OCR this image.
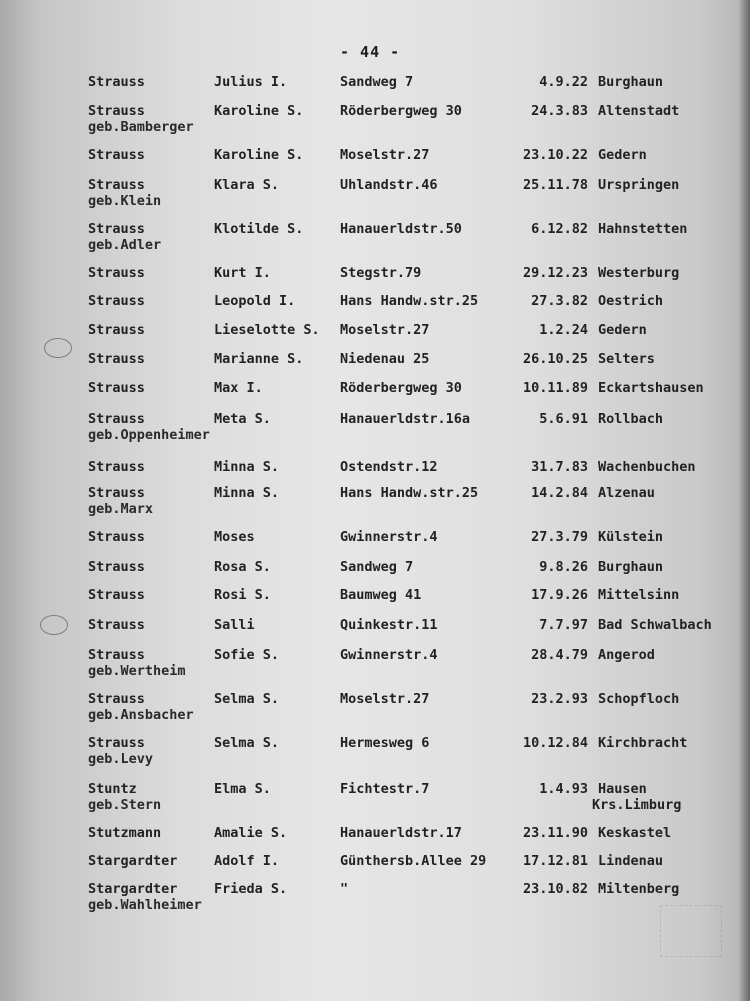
- 44 -
Strauss	Julius I.	Sandweg 7	4.9.22 Burghaun
Strauss	Karoline S.	Röderbergweg 30	24.3.83 Altenstadt
geb.Bamberger
Strauss	Karoline S.	Moselstr.27	23.10.22 Gedern
Strauss	Klara S.	Uhlandstr.46	25.11.78 Urspringen
geb.Klein
Strauss	Klotilde S.	Hanauerldstr.50	6.12.82 Hahnstetten
geb.Adler
Strauss	Kurt I.	Stegstr.79	29.12.23 Westerburg
Strauss	Leopold I.	Hans Handw.str.25	27.3.82 Oestrich
Strauss	Lieselotte S. Moselstr.27	1.2.24 Gedern
Strauss	Marianne S.	Niedenau 25	26.10.25 Selters
Strauss	Max I.	Röderbergweg 30	10.11.89 Eckartshausen
Strauss	Meta S.	Hanauerldstr.16a	5.6.91 Rollbach
geb.Oppenheimer
Strauss	Minna S.	Ostendstr.12	31.7.83 Wachenbuchen
Strauss	Minna S.	Hans Handw.str.25	14.2.84 Alzenau
geb.Marx
Strauss	Moses	Gwinnerstr.4	27.3.79 Külstein
Strauss	Rosa S.	Sandweg 7	9.8.26 Burghaun
Strauss	Rosi S.	Baumweg 41	17.9.26 Mittelsinn
Strauss	Salli	Quinkestr.11	7.7.97 Bad Schwalbach
Strauss	Sofie S.	Gwinnerstr.4	28.4.79 Angerod
geb.Wertheim
Strauss	Selma S.	Moselstr.27	23.2.93 Schopfloch
geb.Ansbacher
Strauss	Selma S.	Hermesweg 6	10.12.84 Kirchbracht
geb.Levy
Stuntz	Elma S.	Fichtestr.7	1.4.93 Hausen
geb.Stern	Krs.Limburg
Stutzmann	Amalie S.	Hanauerldstr.17	23.11.90 Keskastel
Stargardter	Adolf I.	Günthersb.Allee 29	17.12.81 Lindenau
Stargardter	Frieda S.	"	23.10.82 Miltenberg
geb.Wahlheimer
